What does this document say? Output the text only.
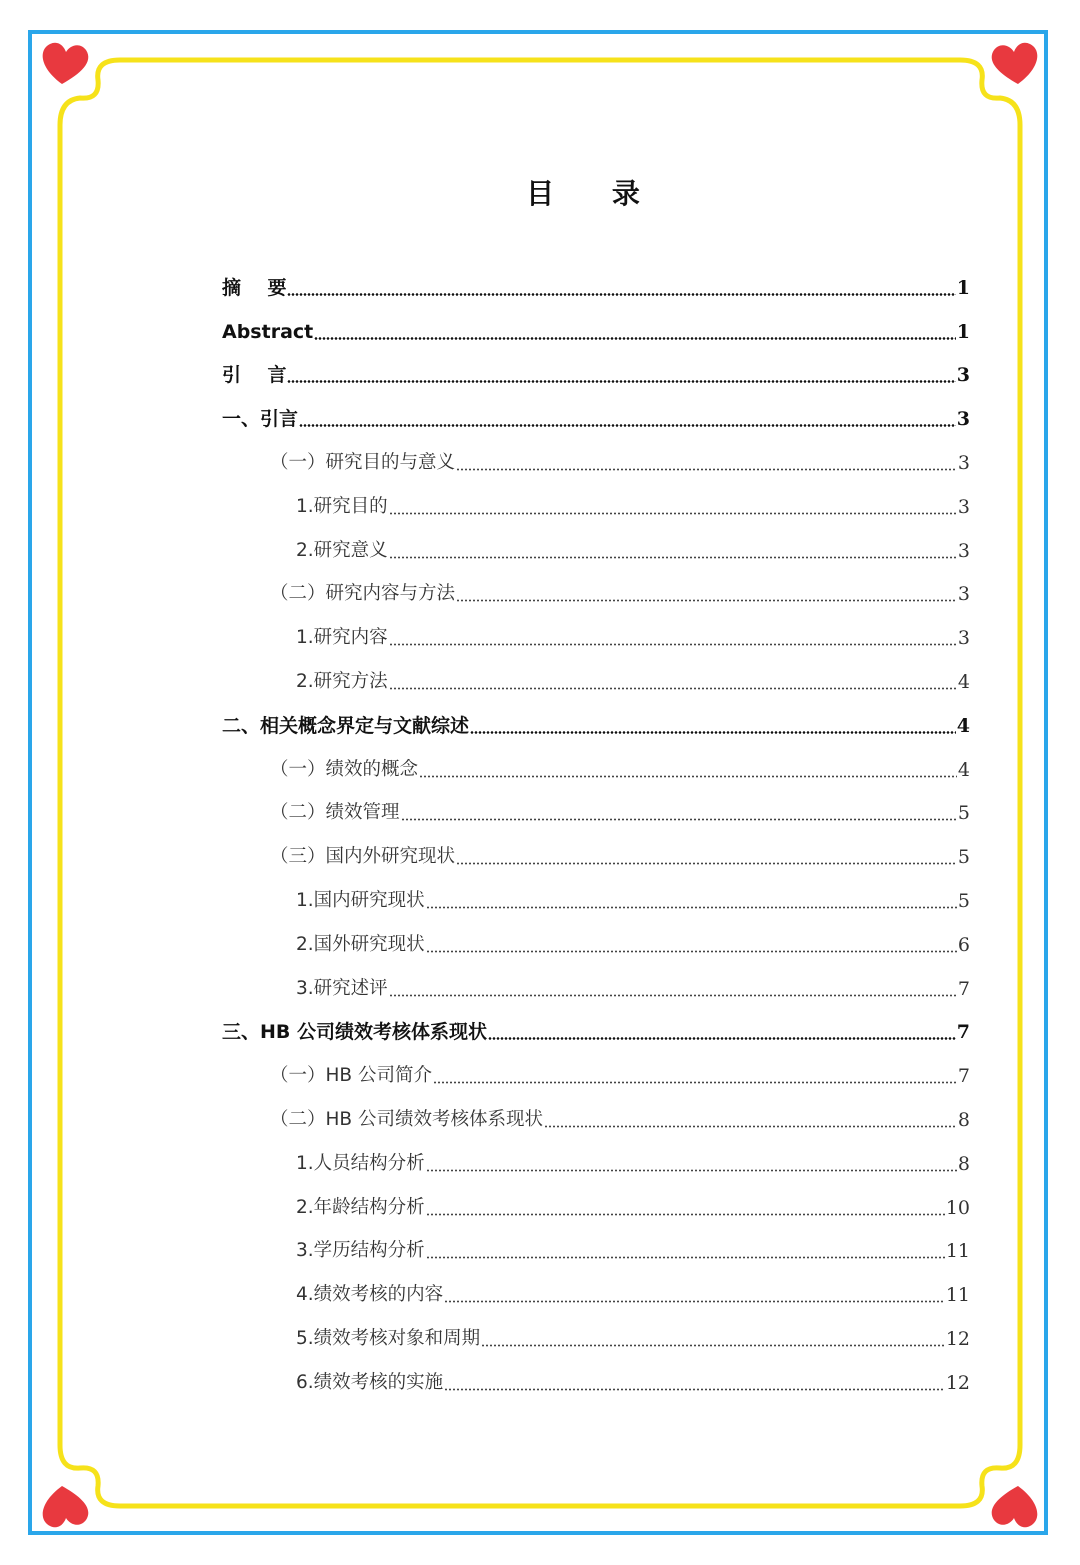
目 录
摘    要	1
Abstract	1
引    言	3
一、引言	3
（一）研究目的与意义	3
1.研究目的	3
2.研究意义	3
（二）研究内容与方法	3
1.研究内容	3
2.研究方法	4
二、相关概念界定与文献综述	4
（一）绩效的概念	4
（二）绩效管理	5
（三）国内外研究现状	5
1.国内研究现状	5
2.国外研究现状	6
3.研究述评	7
三、HB 公司绩效考核体系现状	7
（一）HB 公司简介	7
（二）HB 公司绩效考核体系现状	8
1.人员结构分析	8
2.年龄结构分析	10
3.学历结构分析	11
4.绩效考核的内容	11
5.绩效考核对象和周期	12
6.绩效考核的实施	12
